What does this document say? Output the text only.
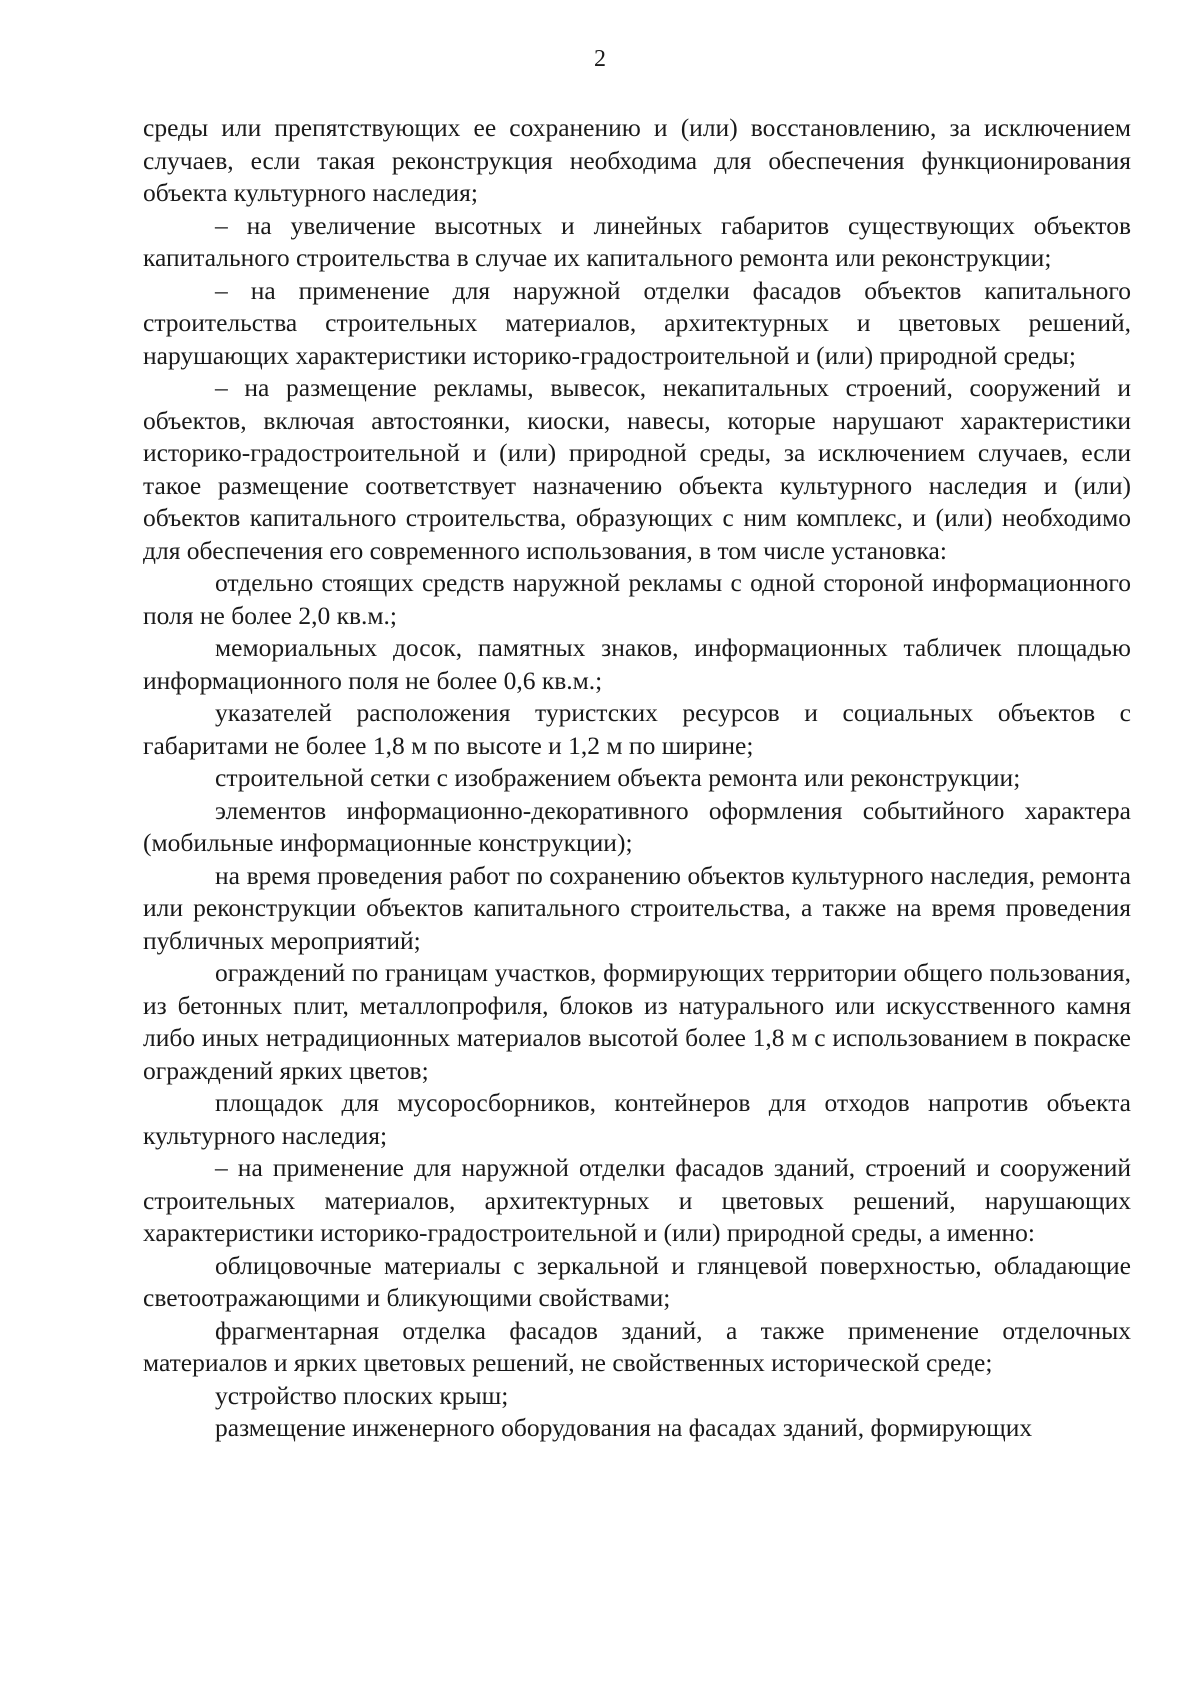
2

среды или препятствующих ее сохранению и (или) восстановлению, за исключением случаев, если такая реконструкция необходима для обеспечения функционирования объекта культурного наследия;

– на увеличение высотных и линейных габаритов существующих объектов капитального строительства в случае их капитального ремонта или реконструкции;

– на применение для наружной отделки фасадов объектов капитального строительства строительных материалов, архитектурных и цветовых решений, нарушающих характеристики историко-градостроительной и (или) природной среды;

– на размещение рекламы, вывесок, некапитальных строений, сооружений и объектов, включая автостоянки, киоски, навесы, которые нарушают характеристики историко-градостроительной и (или) природной среды, за исключением случаев, если такое размещение соответствует назначению объекта культурного наследия и (или) объектов капитального строительства, образующих с ним комплекс, и (или) необходимо для обеспечения его современного использования, в том числе установка:

отдельно стоящих средств наружной рекламы с одной стороной информационного поля не более 2,0 кв.м.;

мемориальных досок, памятных знаков, информационных табличек площадью информационного поля не более 0,6 кв.м.;

указателей расположения туристских ресурсов и социальных объектов с габаритами не более 1,8 м по высоте и 1,2 м по ширине;

строительной сетки с изображением объекта ремонта или реконструкции;

элементов информационно-декоративного оформления событийного характера (мобильные информационные конструкции);

на время проведения работ по сохранению объектов культурного наследия, ремонта или реконструкции объектов капитального строительства, а также на время проведения публичных мероприятий;

ограждений по границам участков, формирующих территории общего пользования, из бетонных плит, металлопрофиля, блоков из натурального или искусственного камня либо иных нетрадиционных материалов высотой более 1,8 м с использованием в покраске ограждений ярких цветов;

площадок для мусоросборников, контейнеров для отходов напротив объекта культурного наследия;

– на применение для наружной отделки фасадов зданий, строений и сооружений строительных материалов, архитектурных и цветовых решений, нарушающих характеристики историко-градостроительной и (или) природной среды, а именно:

облицовочные материалы с зеркальной и глянцевой поверхностью, обладающие светоотражающими и бликующими свойствами;

фрагментарная отделка фасадов зданий, а также применение отделочных материалов и ярких цветовых решений, не свойственных исторической среде;

устройство плоских крыш;

размещение инженерного оборудования на фасадах зданий, формирующих
